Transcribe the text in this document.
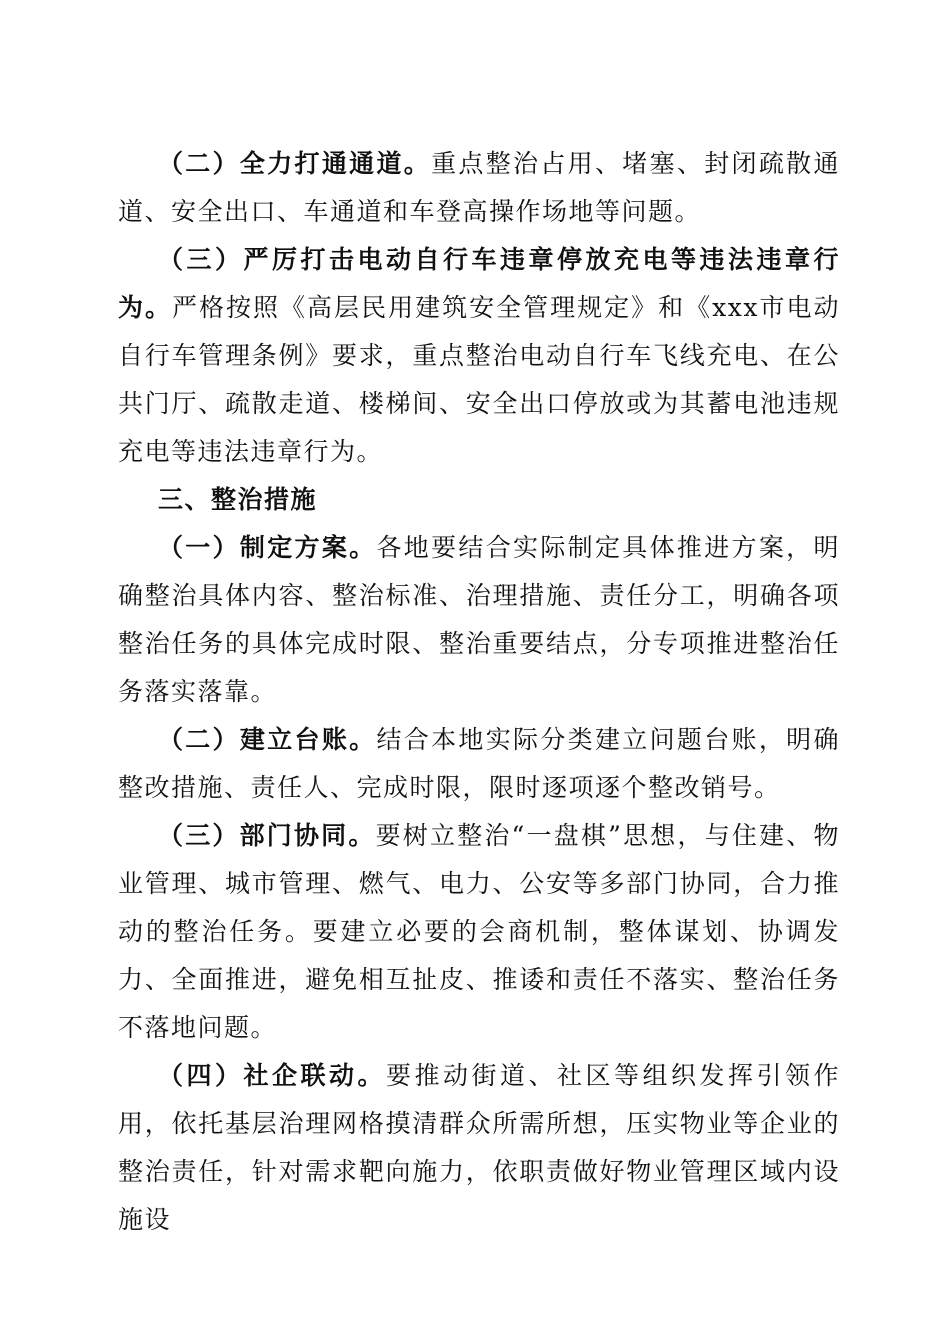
（二）全力打通通道。重点整治占用、堵塞、封闭疏散通道、安全出口、车通道和车登高操作场地等问题。

（三）严厉打击电动自行车违章停放充电等违法违章行为。严格按照《高层民用建筑安全管理规定》和《xxx市电动自行车管理条例》要求，重点整治电动自行车飞线充电、在公共门厅、疏散走道、楼梯间、安全出口停放或为其蓄电池违规充电等违法违章行为。

三、整治措施

（一）制定方案。各地要结合实际制定具体推进方案，明确整治具体内容、整治标准、治理措施、责任分工，明确各项整治任务的具体完成时限、整治重要结点，分专项推进整治任务落实落靠。

（二）建立台账。结合本地实际分类建立问题台账，明确整改措施、责任人、完成时限，限时逐项逐个整改销号。

（三）部门协同。要树立整治“一盘棋”思想，与住建、物业管理、城市管理、燃气、电力、公安等多部门协同，合力推动的整治任务。要建立必要的会商机制，整体谋划、协调发力、全面推进，避免相互扯皮、推诿和责任不落实、整治任务不落地问题。

（四）社企联动。要推动街道、社区等组织发挥引领作用，依托基层治理网格摸清群众所需所想，压实物业等企业的整治责任，针对需求靶向施力，依职责做好物业管理区域内设施设
